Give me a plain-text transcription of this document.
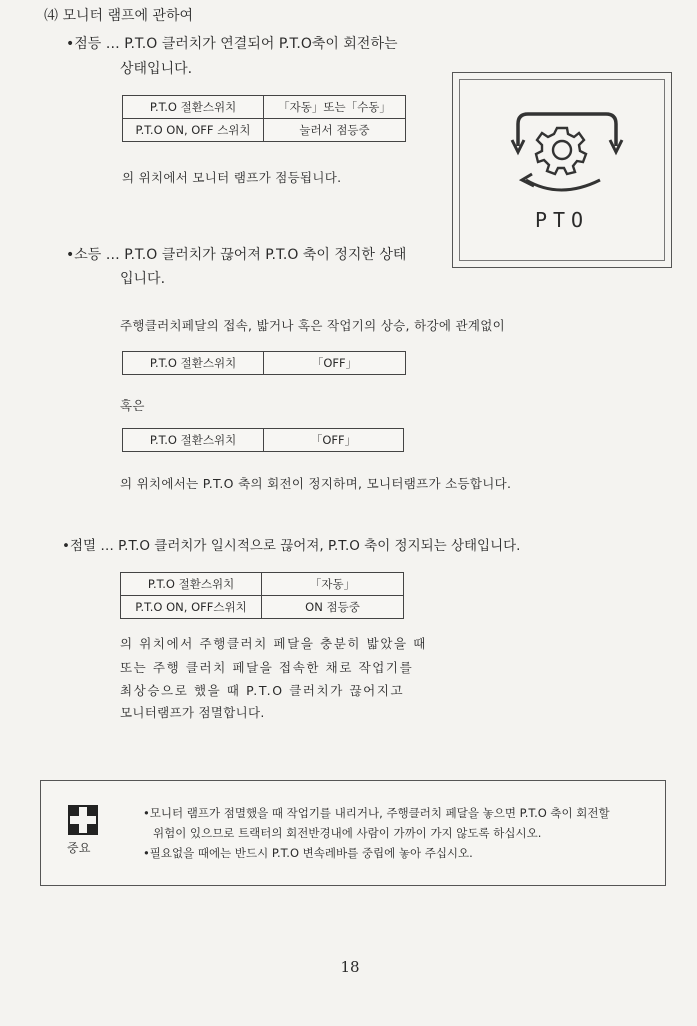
⑷ 모니터 램프에 관하여
•점등 … P.T.O 클러치가 연결되어 P.T.O축이 회전하는
상태입니다.
P.T.O 절환스위치	「자동」또는「수동」
P.T.O ON, OFF 스위치	눌러서 점등중
의 위치에서 모니터 램프가 점등됩니다.
PTO
•소등 … P.T.O 클러치가 끊어져 P.T.O 축이 정지한 상태
입니다.
주행클러치페달의 접속, 밟거나 혹은 작업기의 상승, 하강에 관계없이
P.T.O 절환스위치	「OFF」
혹은
P.T.O 절환스위치	「OFF」
의 위치에서는 P.T.O 축의 회전이 정지하며, 모니터램프가 소등합니다.
•점멸 … P.T.O 클러치가 일시적으로 끊어져, P.T.O 축이 정지되는 상태입니다.
P.T.O 절환스위치	「자동」
P.T.O ON, OFF스위치	ON 점등중
의 위치에서 주행클러치 페달을 충분히 밟았을 때
또는 주행 클러치 페달을 접속한 채로 작업기를
최상승으로 했을 때 P.T.O 클러치가 끊어지고
모니터램프가 점멸합니다.
중요
•모니터 램프가 점멸했을 때 작업기를 내리거나, 주행클러치 페달을 놓으면 P.T.O 축이 회전할
위험이 있으므로 트랙터의 회전반경내에 사람이 가까이 가지 않도록 하십시오.
•필요없을 때에는 반드시 P.T.O 변속레바를 중립에 놓아 주십시오.
18
